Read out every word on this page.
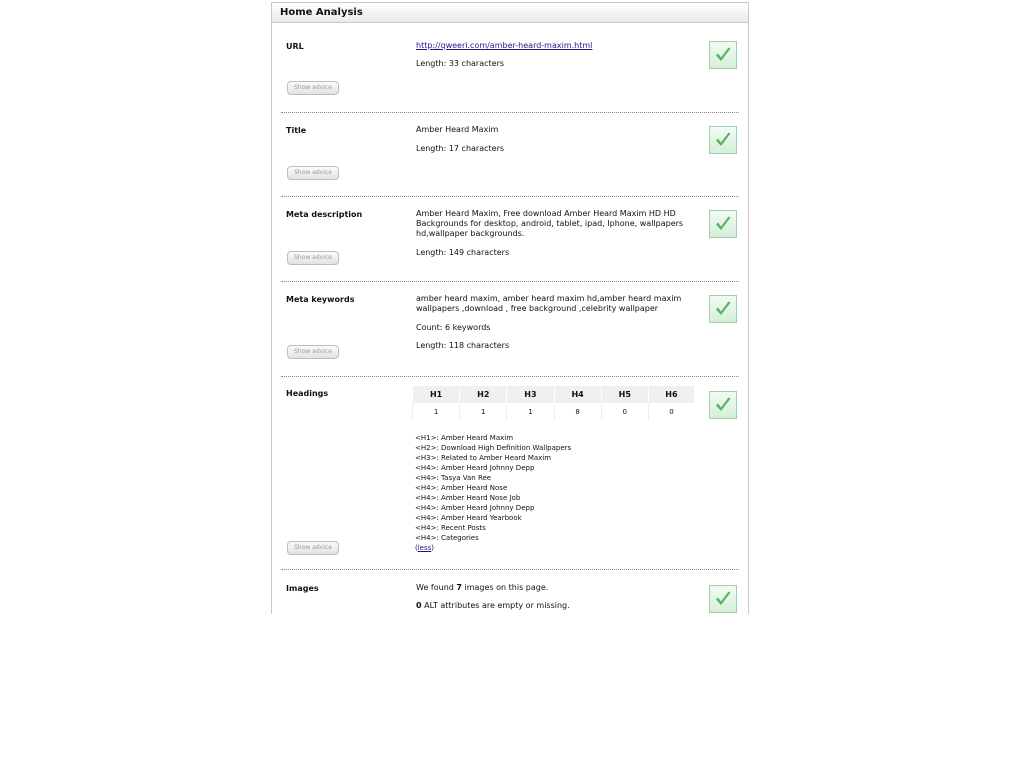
Home Analysis
URL	http://qweeri.com/amber-heard-maxim.html
Length: 33 characters
Show advice
Title	Amber Heard Maxim
Length: 17 characters
Show advice
Meta description	Amber Heard Maxim, Free download Amber Heard Maxim HD HD Backgrounds for desktop, android, tablet, ipad, Iphone, wallpapers hd,wallpaper backgrounds.
Length: 149 characters
Show advice
Meta keywords	amber heard maxim, amber heard maxim hd,amber heard maxim wallpapers ,download , free background ,celebrity wallpaper
Count: 6 keywords
Length: 118 characters
Show advice
Headings	H1	H2	H3	H4	H5	H6
1	1	1	8	0	0
<H1>: Amber Heard Maxim
<H2>: Download High Definition Wallpapers
<H3>: Related to Amber Heard Maxim
<H4>: Amber Heard Johnny Depp
<H4>: Tasya Van Ree
<H4>: Amber Heard Nose
<H4>: Amber Heard Nose Job
<H4>: Amber Heard Johnny Depp
<H4>: Amber Heard Yearbook
<H4>: Recent Posts
<H4>: Categories
(less)
Show advice
Images	We found 7 images on this page.
0 ALT attributes are empty or missing.
